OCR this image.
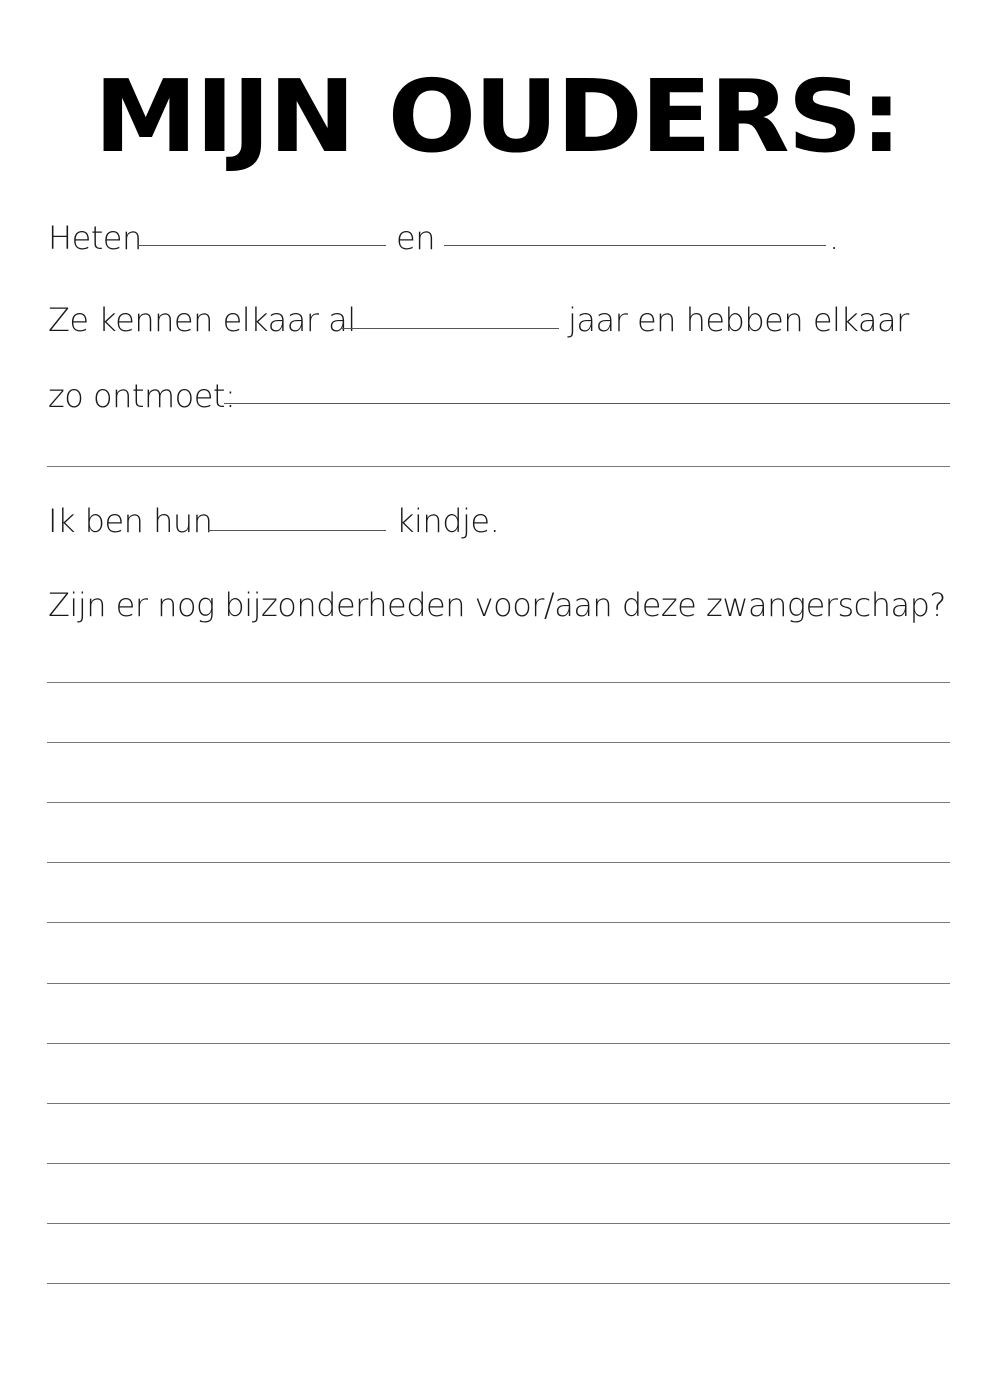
MIJN OUDERS:
Heten	en	.
Ze kennen elkaar al	jaar en hebben elkaar
zo ontmoet:
Ik ben hun	kindje.
Zijn er nog bijzonderheden voor/aan deze zwangerschap?
